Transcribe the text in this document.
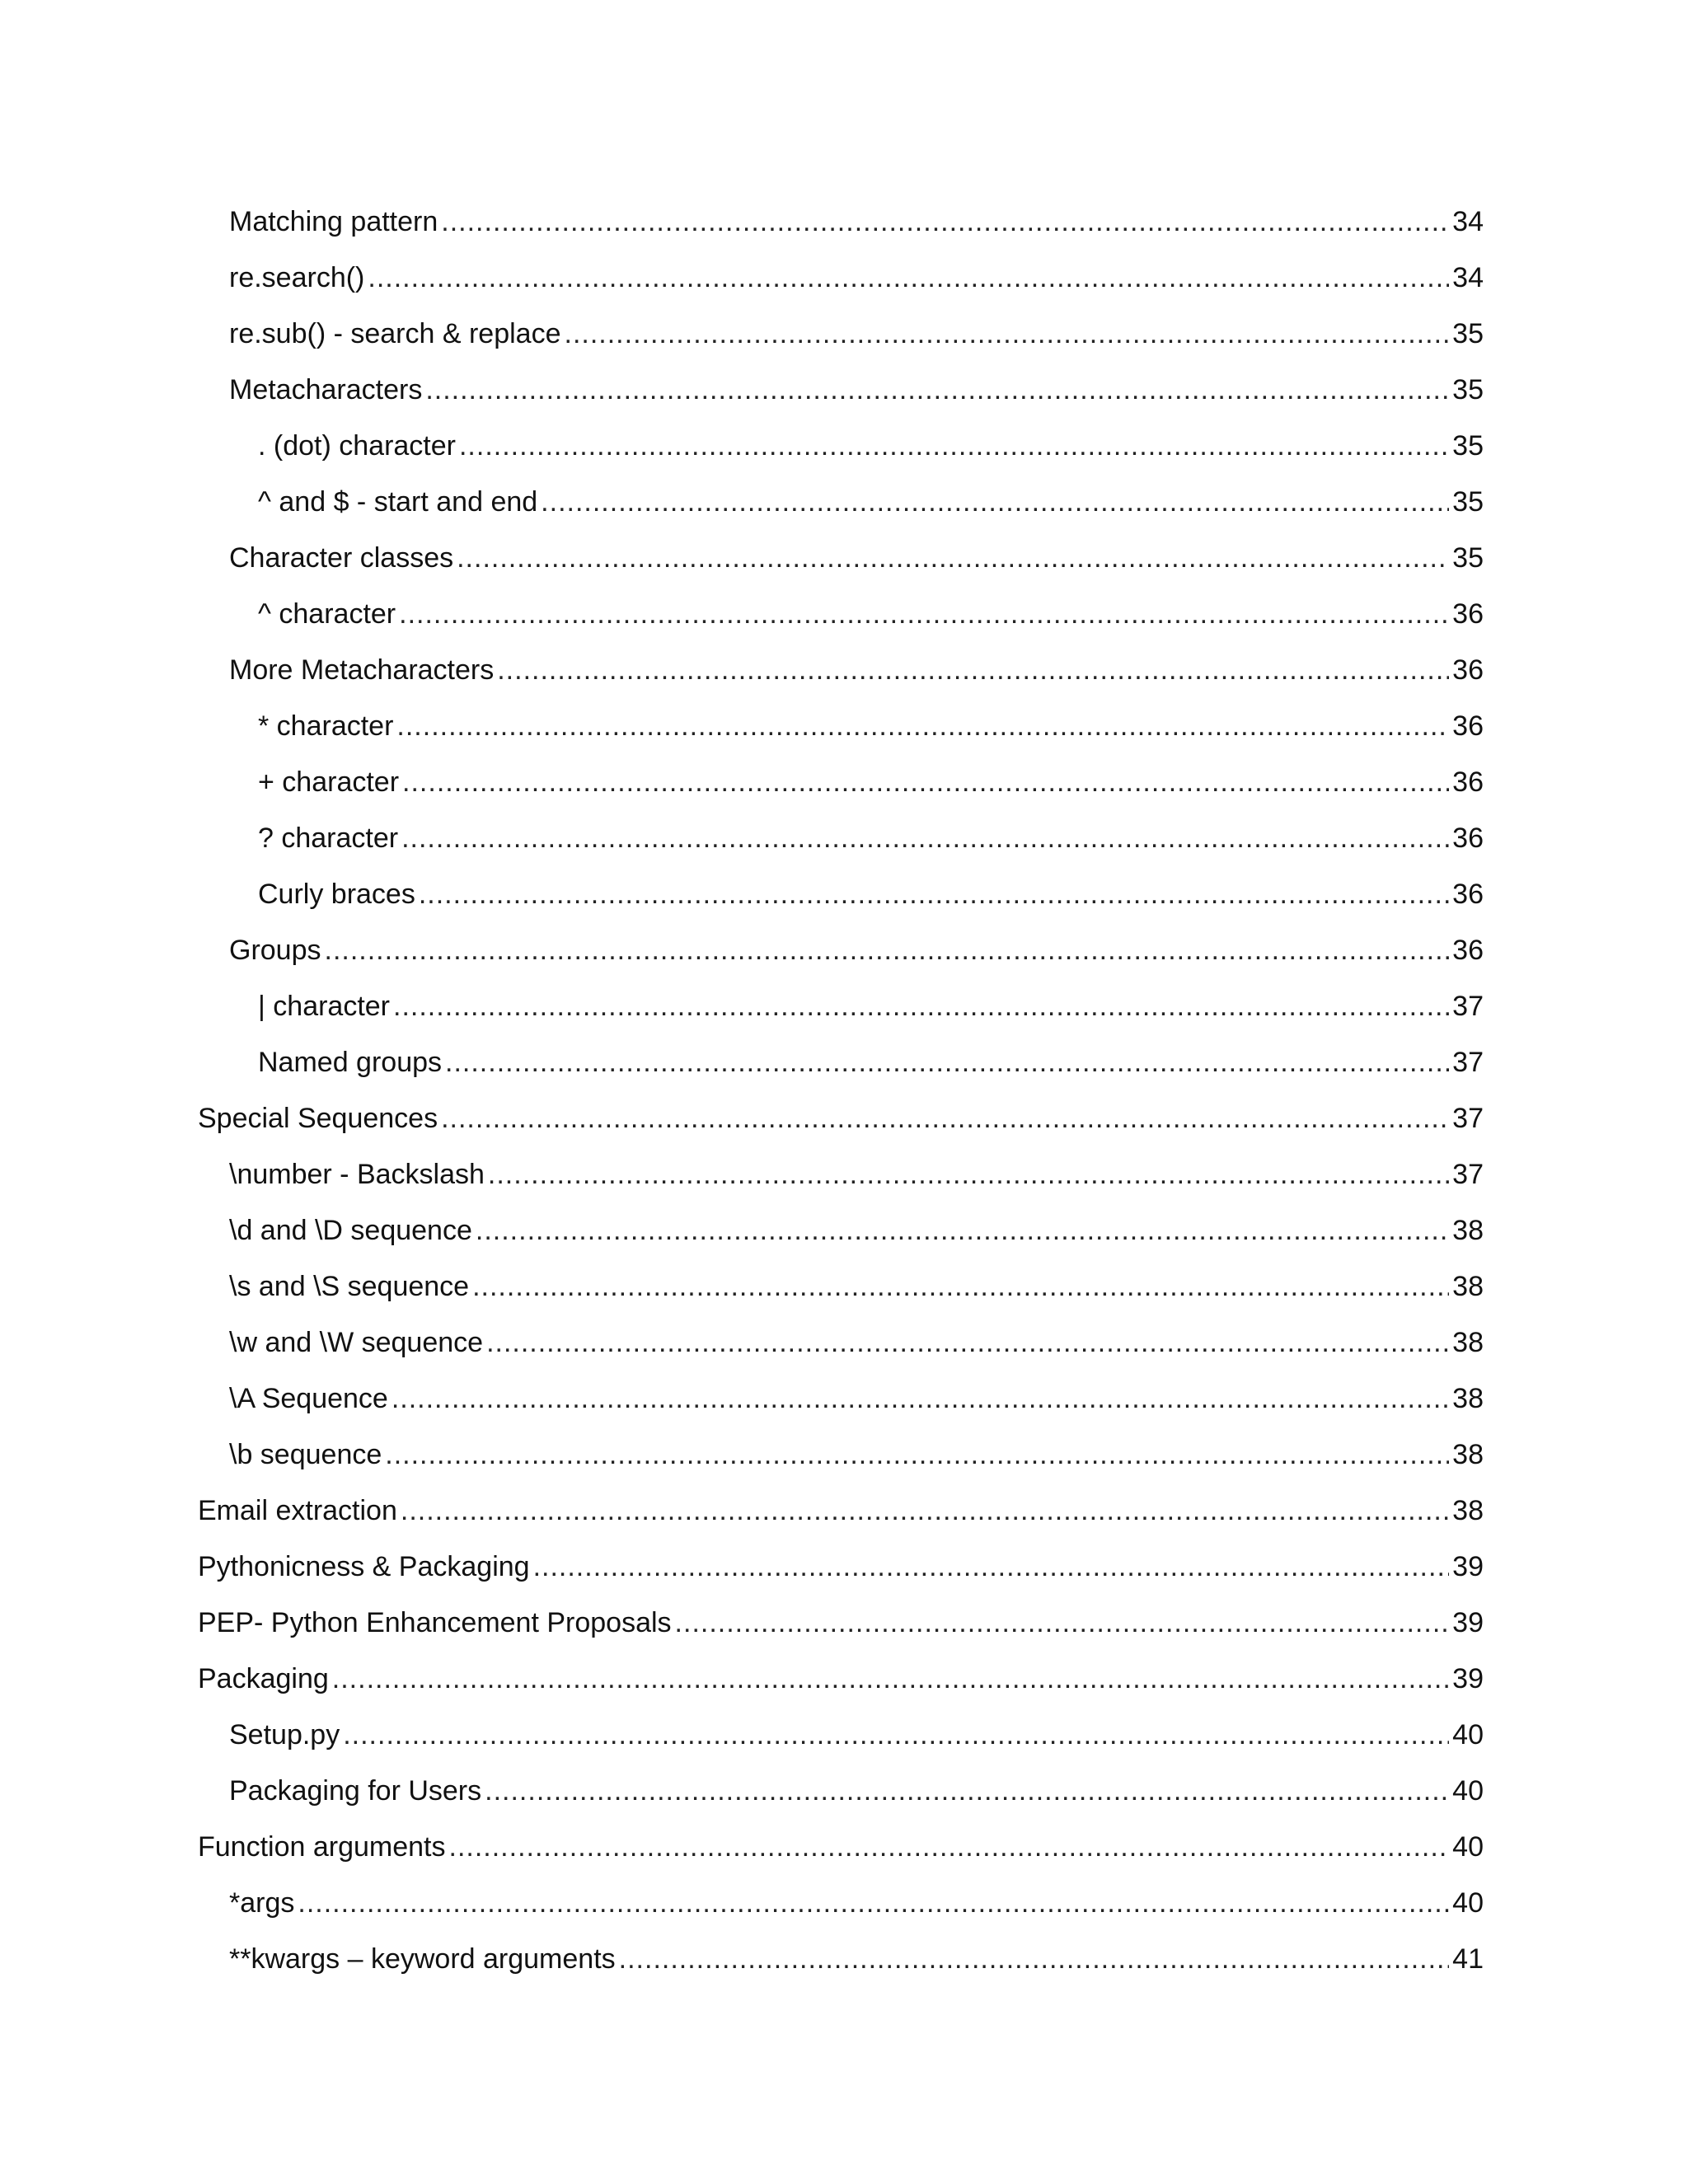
Matching pattern .....	34
re.search() .....	34
re.sub() - search & replace .....	35
Metacharacters .....	35
. (dot) character .....	35
^ and $ - start and end .....	35
Character classes .....	35
^ character .....	36
More Metacharacters .....	36
* character .....	36
+ character .....	36
? character .....	36
Curly braces .....	36
Groups .....	36
| character .....	37
Named groups .....	37
Special Sequences .....	37
\number - Backslash .....	37
\d and \D sequence .....	38
\s and \S sequence .....	38
\w and \W sequence .....	38
\A Sequence .....	38
\b sequence .....	38
Email extraction .....	38
Pythonicness & Packaging .....	39
PEP- Python Enhancement Proposals .....	39
Packaging .....	39
Setup.py .....	40
Packaging for Users .....	40
Function arguments .....	40
*args .....	40
**kwargs – keyword arguments .....	41
